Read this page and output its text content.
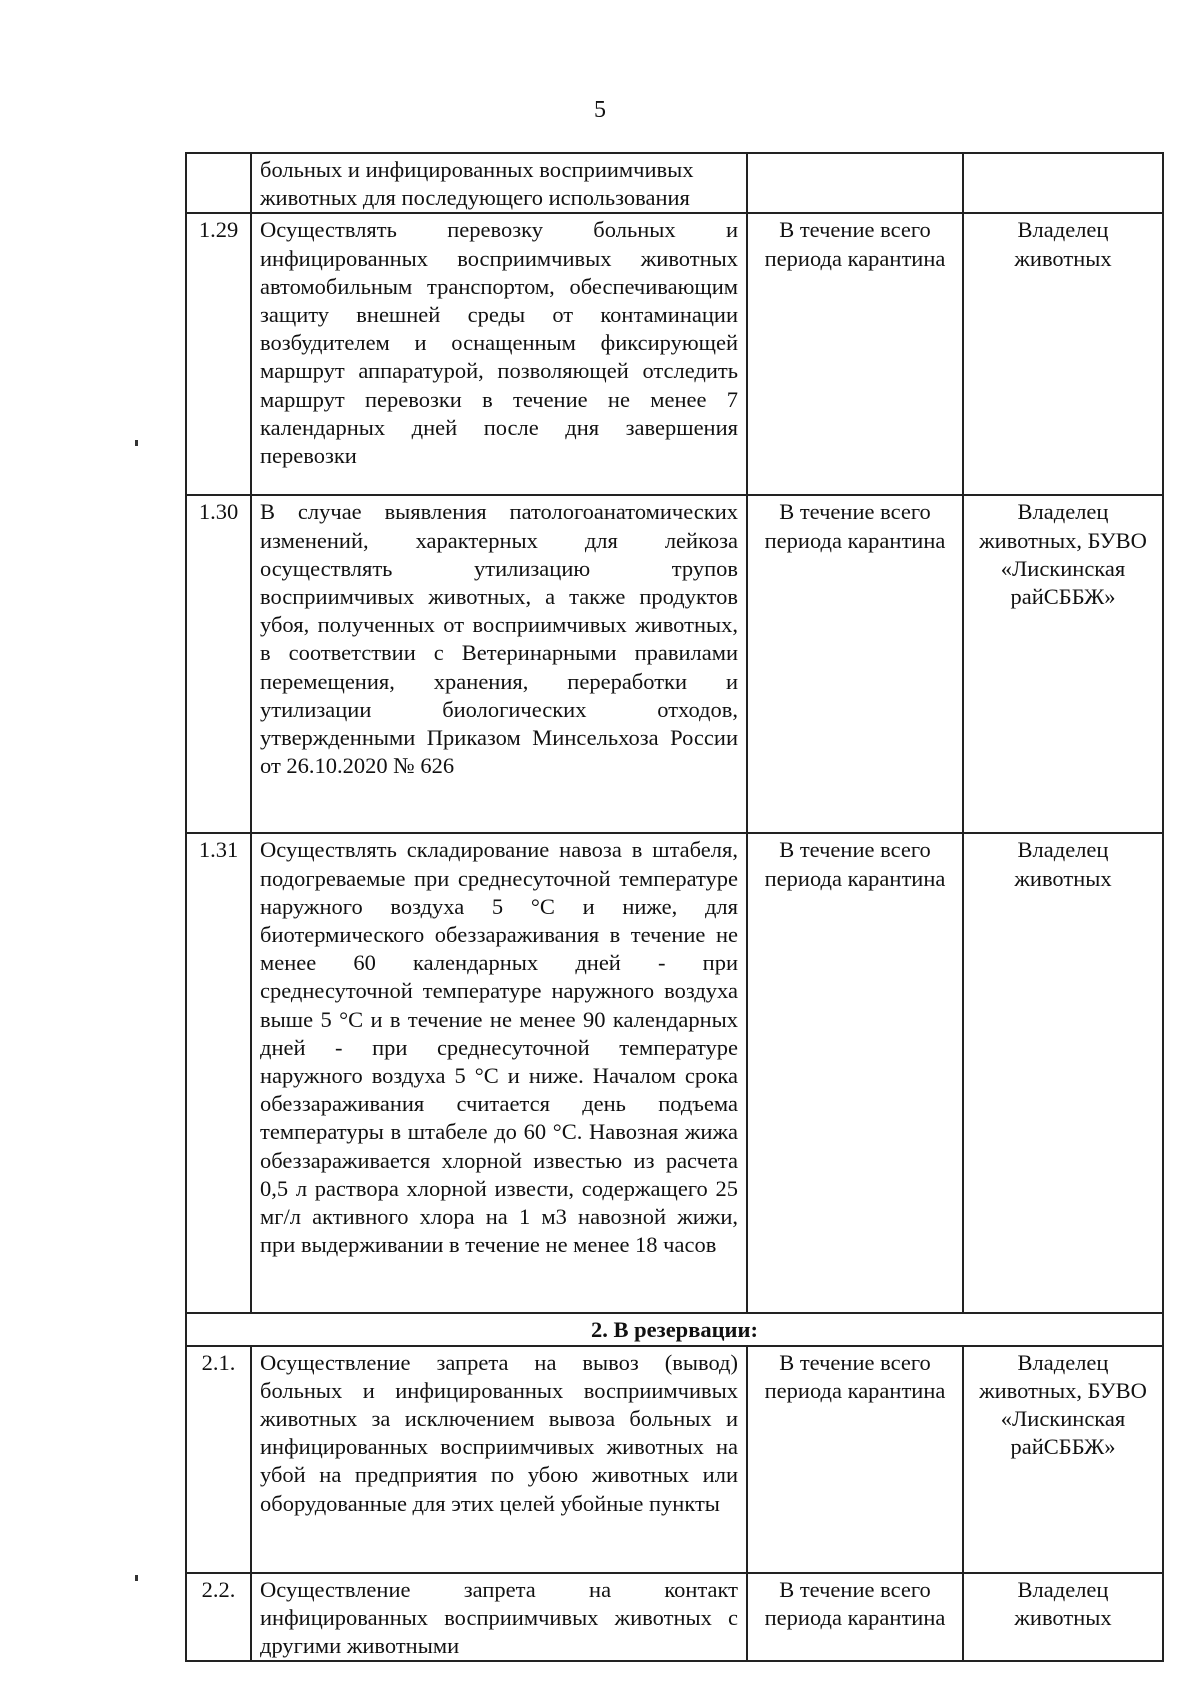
5
	больных и инфицированных восприимчивых животных для последующего использования		
1.29	Осуществлять перевозку больных и инфицированных восприимчивых животных автомобильным транспортом, обеспечивающим защиту внешней среды от контаминации возбудителем и оснащенным фиксирующей маршрут аппаратурой, позволяющей отследить маршрут перевозки в течение не менее 7 календарных дней после дня завершения перевозки	В течение всего периода карантина	Владелец животных
1.30	В случае выявления патологоанатомических изменений, характерных для лейкоза осуществлять утилизацию трупов восприимчивых животных, а также продуктов убоя, полученных от восприимчивых животных, в соответствии с Ветеринарными правилами перемещения, хранения, переработки и утилизации биологических отходов, утвержденными Приказом Минсельхоза России от 26.10.2020 № 626	В течение всего периода карантина	Владелец животных, БУВО «Лискинская райСББЖ»
1.31	Осуществлять складирование навоза в штабеля, подогреваемые при среднесуточной температуре наружного воздуха 5 °С и ниже, для биотермического обеззараживания в течение не менее 60 календарных дней - при среднесуточной температуре наружного воздуха выше 5 °С и в течение не менее 90 календарных дней - при среднесуточной температуре наружного воздуха 5 °С и ниже. Началом срока обеззараживания считается день подъема температуры в штабеле до 60 °С. Навозная жижа обеззараживается хлорной известью из расчета 0,5 л раствора хлорной извести, содержащего 25 мг/л активного хлора на 1 м3 навозной жижи, при выдерживании в течение не менее 18 часов	В течение всего периода карантина	Владелец животных
2. В резервации:			
2.1.	Осуществление запрета на вывоз (вывод) больных и инфицированных восприимчивых животных за исключением вывоза больных и инфицированных восприимчивых животных на убой на предприятия по убою животных или оборудованные для этих целей убойные пункты	В течение всего периода карантина	Владелец животных, БУВО «Лискинская райСББЖ»
2.2.	Осуществление запрета на контакт инфицированных восприимчивых животных с другими животными	В течение всего периода карантина	Владелец животных
